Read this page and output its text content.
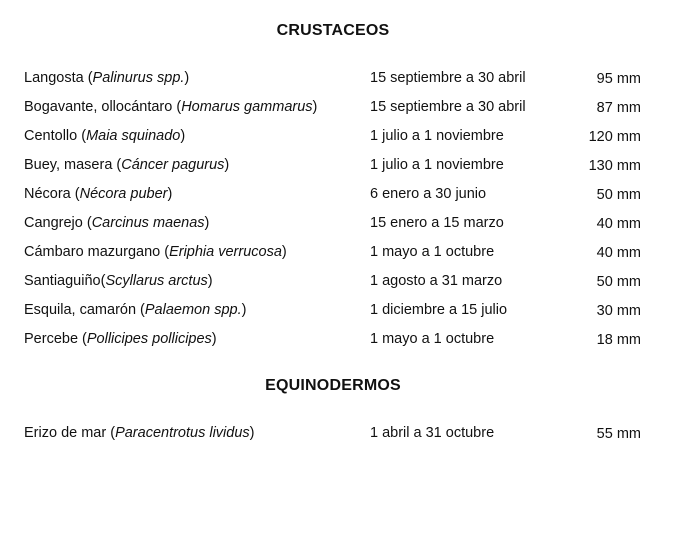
CRUSTACEOS
Langosta (Palinurus spp.)	15 septiembre a 30 abril	95 mm
Bogavante, ollocántaro (Homarus gammarus)	15 septiembre a 30 abril	87 mm
Centollo (Maia squinado)	1 julio a 1 noviembre	120 mm
Buey, masera (Cáncer pagurus)	1 julio a 1 noviembre	130 mm
Nécora (Nécora puber)	6 enero a 30 junio	50 mm
Cangrejo (Carcinus maenas)	15 enero a 15 marzo	40 mm
Cámbaro mazurgano (Eriphia verrucosa)	1 mayo a 1 octubre	40 mm
Santiaguiño(Scyllarus arctus)	1 agosto a 31 marzo	50 mm
Esquila, camarón (Palaemon spp.)	1 diciembre a 15 julio	30 mm
Percebe (Pollicipes pollicipes)	1 mayo a 1 octubre	18 mm
EQUINODERMOS
Erizo de mar (Paracentrotus lividus)	1 abril a 31 octubre	55 mm
